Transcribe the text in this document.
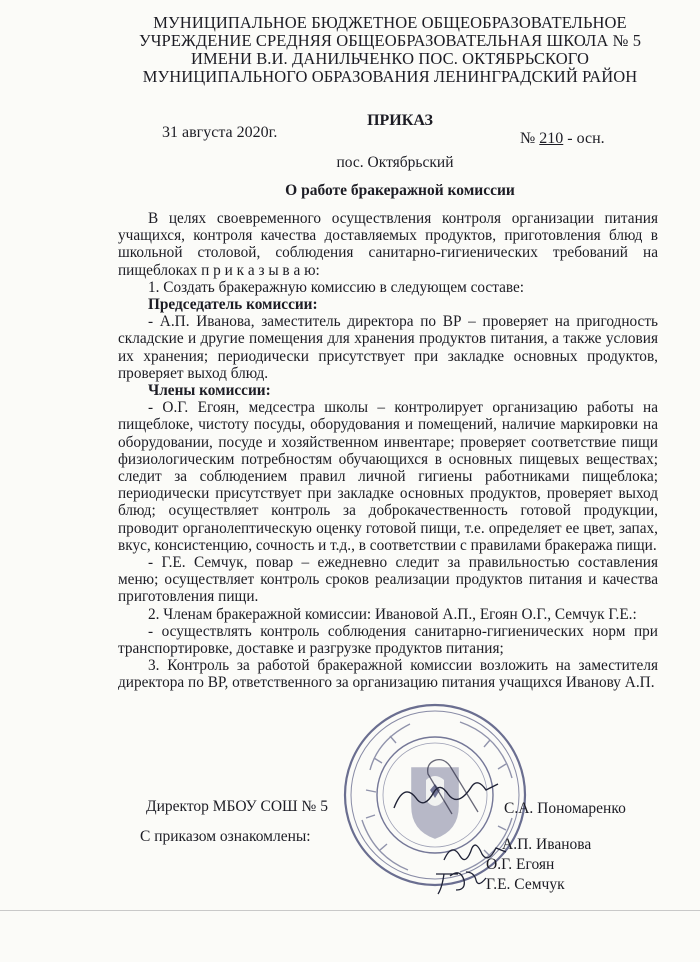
МУНИЦИПАЛЬНОЕ БЮДЖЕТНОЕ ОБЩЕОБРАЗОВАТЕЛЬНОЕ
УЧРЕЖДЕНИЕ СРЕДНЯЯ ОБЩЕОБРАЗОВАТЕЛЬНАЯ ШКОЛА № 5
ИМЕНИ В.И. ДАНИЛЬЧЕНКО ПОС. ОКТЯБРЬСКОГО
МУНИЦИПАЛЬНОГО ОБРАЗОВАНИЯ ЛЕНИНГРАДСКИЙ РАЙОН
ПРИКАЗ
31 августа 2020г.	№ 210 - осн.
пос. Октябрьский
О работе бракеражной комиссии

В целях своевременного осуществления контроля организации питания учащихся, контроля качества доставляемых продуктов, приготовления блюд в школьной столовой, соблюдения санитарно-гигиенических требований на пищеблоках п р и к а з ы в а ю:

1. Создать бракеражную комиссию в следующем составе:

Председатель комиссии:

- А.П. Иванова, заместитель директора по ВР – проверяет на пригодность складские и другие помещения для хранения продуктов питания, а также условия их хранения; периодически присутствует при закладке основных продуктов, проверяет выход блюд.

Члены комиссии:

- О.Г. Егоян, медсестра школы – контролирует организацию работы на пищеблоке, чистоту посуды, оборудования и помещений, наличие маркировки на оборудовании, посуде и хозяйственном инвентаре; проверяет соответствие пищи физиологическим потребностям обучающихся в основных пищевых веществах; следит за соблюдением правил личной гигиены работниками пищеблока; периодически присутствует при закладке основных продуктов, проверяет выход блюд; осуществляет контроль за доброкачественность готовой продукции, проводит органолептическую оценку готовой пищи, т.е. определяет ее цвет, запах, вкус, консистенцию, сочность и т.д., в соответствии с правилами бракеража пищи.

- Г.Е. Семчук, повар – ежедневно следит за правильностью составления меню; осуществляет контроль сроков реализации продуктов питания и качества приготовления пищи.

2. Членам бракеражной комиссии: Ивановой А.П., Егоян О.Г., Семчук Г.Е.:

- осуществлять контроль соблюдения санитарно-гигиенических норм при транспортировке, доставке и разгрузке продуктов питания;

3. Контроль за работой бракеражной комиссии возложить на заместителя директора по ВР, ответственного за организацию питания учащихся Иванову А.П.

Директор МБОУ СОШ № 5	С.А. Пономаренко
С приказом ознакомлены:	А.П. Иванова
О.Г. Егоян
Г.Е. Семчук
